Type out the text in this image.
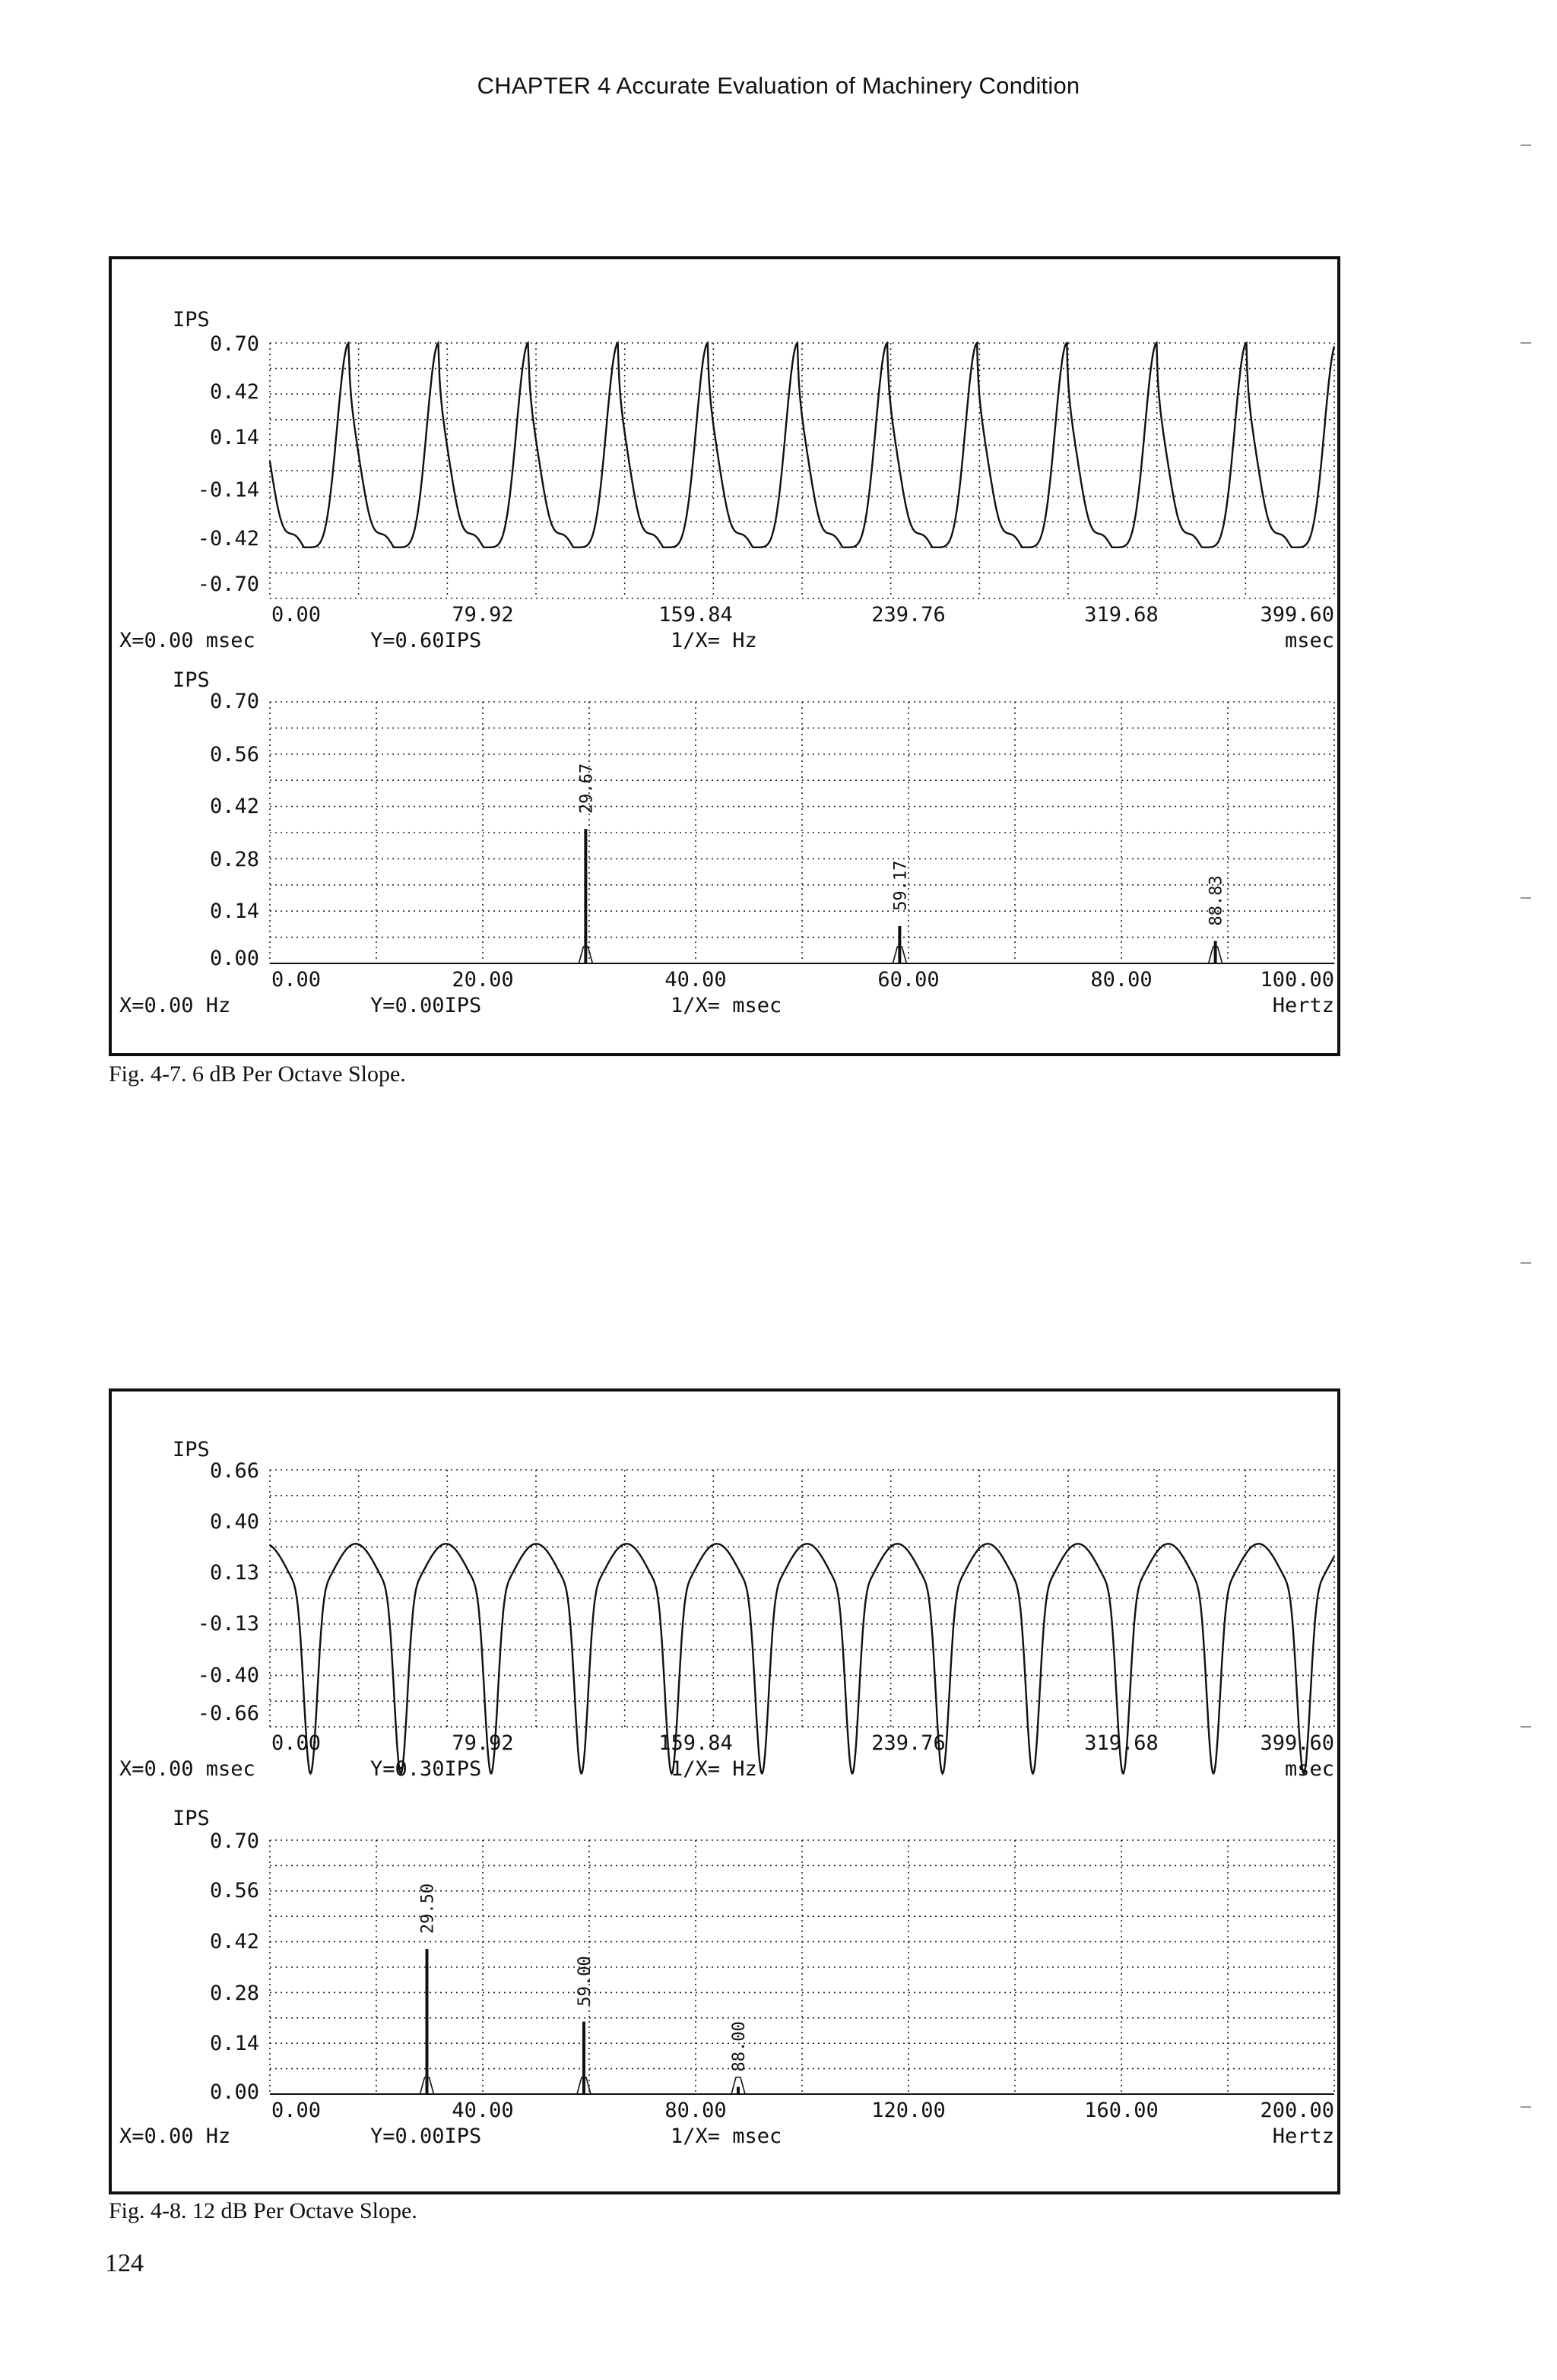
CHAPTER 4 Accurate Evaluation of Machinery Condition
IPS
0.70
0.42
0.14
-0.14
-0.42
-0.70
0.00	79.92	159.84	239.76	319.68	399.60
X=0.00 msec	Y=0.60IPS	1/X= Hz	msec
IPS
0.70
0.56
0.42
0.28
0.14
0.00
0.00	20.00	40.00	60.00	80.00	100.00
X=0.00 Hz	Y=0.00IPS	1/X= msec	Hertz
29.67
59.17	88.83
Fig. 4-7. 6 dB Per Octave Slope.
IPS
0.66
0.40
0.13
-0.13
-0.40
-0.66
0.00	79.92	159.84	239.76	319.68	399.60
X=0.00 msec	Y=0.30IPS	1/X= Hz	msec
IPS
0.70
0.56
0.42
0.28
0.14
0.00
0.00	40.00	80.00	120.00	160.00	200.00
X=0.00 Hz	Y=0.00IPS	1/X= msec	Hertz
29.50
59.00
88.00
Fig. 4-8. 12 dB Per Octave Slope.
124
